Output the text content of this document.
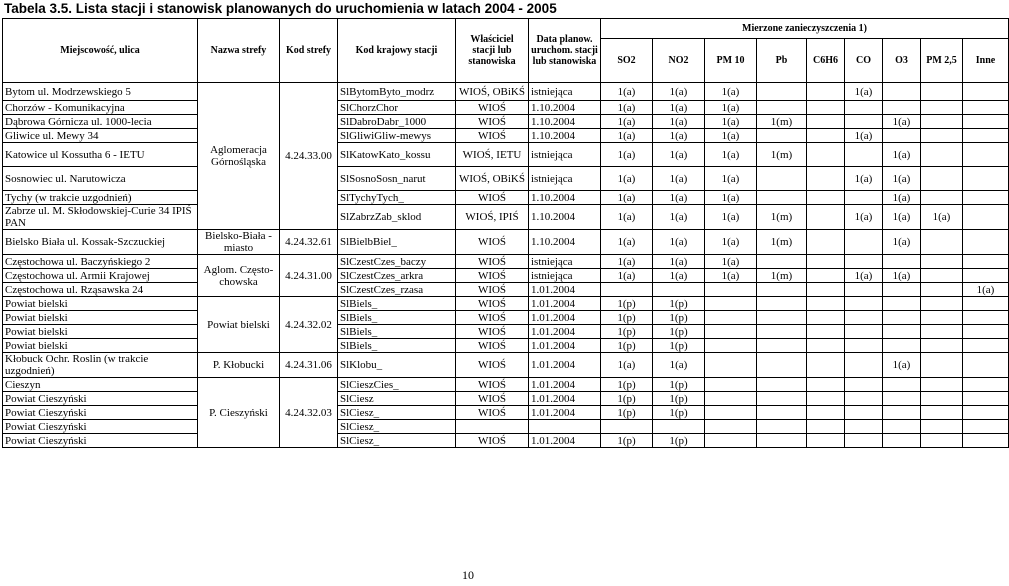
Tabela 3.5. Lista stacji i stanowisk planowanych do uruchomienia w latach 2004 - 2005
Miejscowość, ulica	Nazwa strefy	Kod strefy	Kod krajowy stacji	Właściciel stacji lub stanowiska	Data planow. uruchom. stacji lub stanowiska	Mierzone zanieczyszczenia 1)								
						SO2	NO2	PM 10	Pb	C6H6	CO	O3	PM 2,5	Inne
Bytom ul. Modrzewskiego 5	Aglomeracja Górnośląska	4.24.33.00	SlBytomByto_modrz	WIOŚ, OBiKŚ	istniejąca	1(a)	1(a)	1(a)			1(a)			
Chorzów - Komunikacyjna			SlChorzChor	WIOŚ	1.10.2004	1(a)	1(a)	1(a)						
Dąbrowa Górnicza ul. 1000-lecia			SlDabroDabr_1000	WIOŚ	1.10.2004	1(a)	1(a)	1(a)	1(m)			1(a)		
Gliwice ul. Mewy 34			SlGliwiGliw-mewys	WIOŚ	1.10.2004	1(a)	1(a)	1(a)			1(a)			
Katowice ul Kossutha 6 - IETU			SlKatowKato_kossu	WIOŚ, IETU	istniejąca	1(a)	1(a)	1(a)	1(m)			1(a)		
Sosnowiec ul. Narutowicza			SlSosnoSosn_narut	WIOŚ, OBiKŚ	istniejąca	1(a)	1(a)	1(a)			1(a)	1(a)		
Tychy (w trakcie uzgodnień)			SlTychyTych_	WIOŚ	1.10.2004	1(a)	1(a)	1(a)				1(a)		
Zabrze ul. M. Skłodowskiej-Curie 34 IPIŚ PAN			SlZabrzZab_sklod	WIOŚ, IPIŚ	1.10.2004	1(a)	1(a)	1(a)	1(m)		1(a)	1(a)	1(a)	
Bielsko Biała ul. Kossak-Szczuckiej	Bielsko-Biała - miasto	4.24.32.61	SlBielbBiel_	WIOŚ	1.10.2004	1(a)	1(a)	1(a)	1(m)			1(a)		
Częstochowa ul. Baczyńskiego 2	Aglom. Często-chowska	4.24.31.00	SlCzestCzes_baczy	WIOŚ	istniejąca	1(a)	1(a)	1(a)						
Częstochowa ul. Armii Krajowej			SlCzestCzes_arkra	WIOŚ	istniejąca	1(a)	1(a)	1(a)	1(m)		1(a)	1(a)		
Częstochowa ul. Rząsawska 24			SlCzestCzes_rzasa	WIOŚ	1.01.2004									1(a)
Powiat bielski	Powiat bielski	4.24.32.02	SlBiels_	WIOŚ	1.01.2004	1(p)	1(p)							
Powiat bielski			SlBiels_	WIOŚ	1.01.2004	1(p)	1(p)							
Powiat bielski			SlBiels_	WIOŚ	1.01.2004	1(p)	1(p)							
Powiat bielski			SlBiels_	WIOŚ	1.01.2004	1(p)	1(p)							
Kłobuck Ochr. Roslin (w trakcie uzgodnień)	P. Kłobucki	4.24.31.06	SlKlobu_	WIOŚ	1.01.2004	1(a)	1(a)					1(a)		
Cieszyn	P. Cieszyński	4.24.32.03	SlCieszCies_	WIOŚ	1.01.2004	1(p)	1(p)							
Powiat Cieszyński			SlCiesz	WIOŚ	1.01.2004	1(p)	1(p)							
Powiat Cieszyński			SlCiesz_	WIOŚ	1.01.2004	1(p)	1(p)							
Powiat Cieszyński			SlCiesz_											
Powiat Cieszyński			SlCiesz_	WIOŚ	1.01.2004	1(p)	1(p)							
10
